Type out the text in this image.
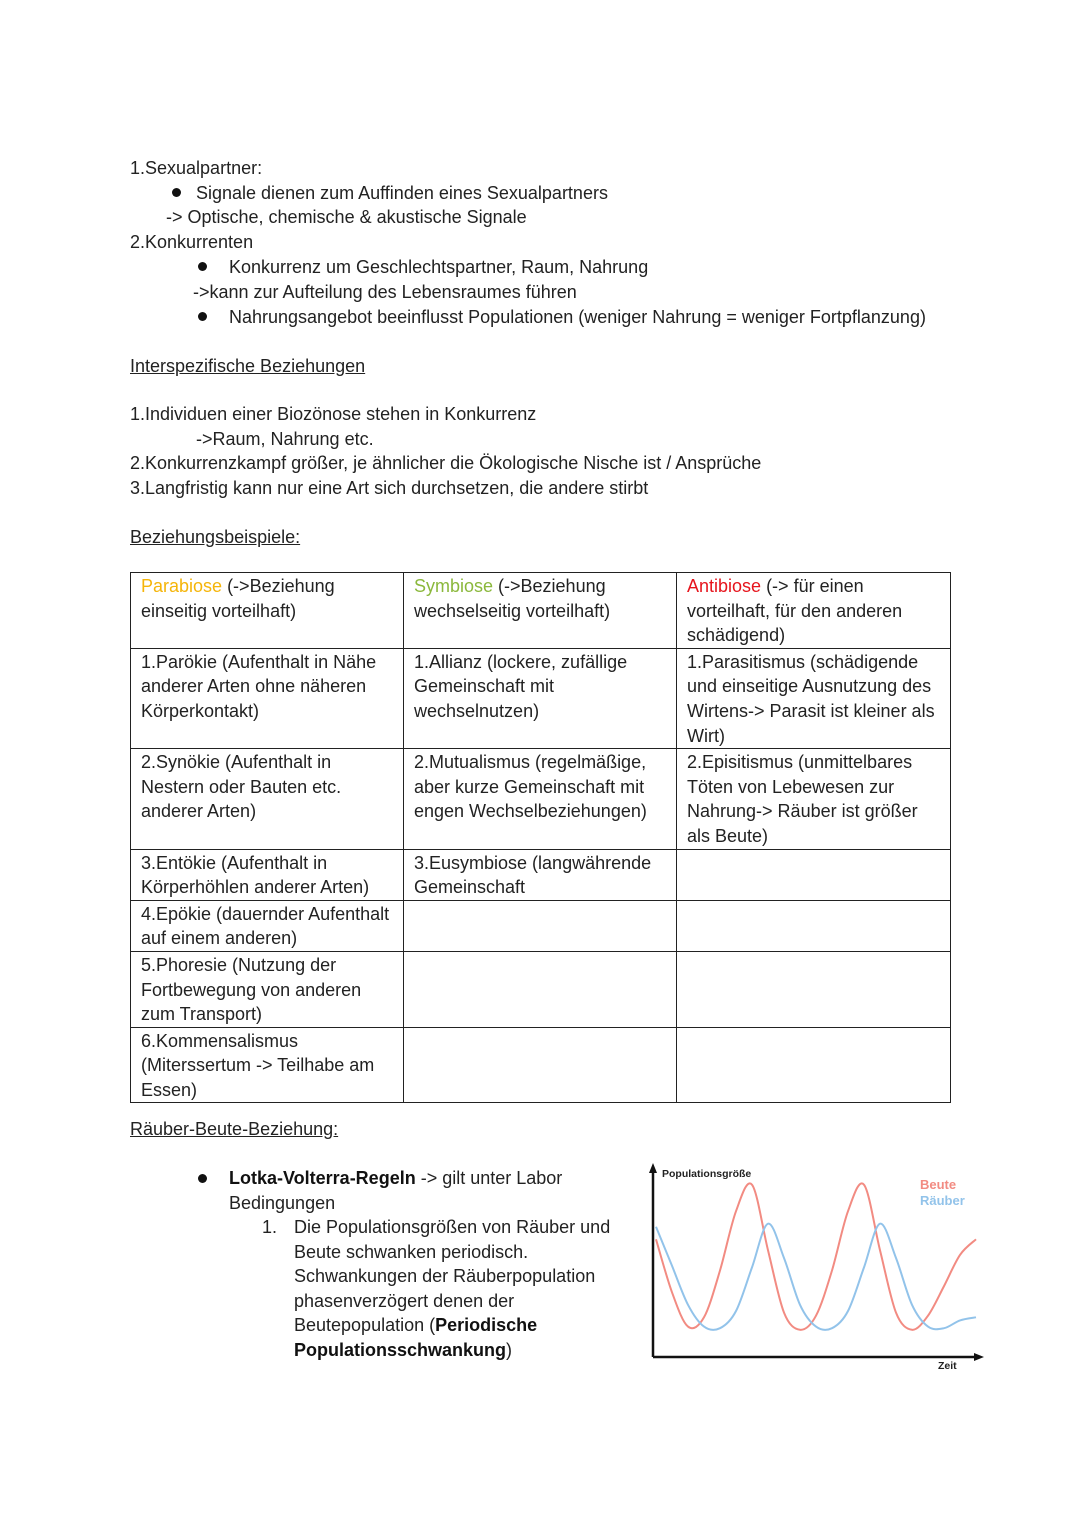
1.Sexualpartner:
Signale dienen zum Auffinden eines Sexualpartners
-> Optische, chemische & akustische Signale
2.Konkurrenten
Konkurrenz um Geschlechtspartner, Raum, Nahrung
->kann zur Aufteilung des Lebensraumes führen
Nahrungsangebot beeinflusst Populationen (weniger Nahrung = weniger Fortpflanzung)
Interspezifische Beziehungen
1.Individuen einer Biozönose stehen in Konkurrenz
->Raum, Nahrung etc.
2.Konkurrenzkampf größer, je ähnlicher die Ökologische Nische ist / Ansprüche
3.Langfristig kann nur eine Art sich durchsetzen, die andere stirbt
Beziehungsbeispiele:
Parabiose (->Beziehung einseitig vorteilhaft)	Symbiose (->Beziehung wechselseitig vorteilhaft)	Antibiose (-> für einen vorteilhaft, für den anderen schädigend)
1.Parökie (Aufenthalt in Nähe anderer Arten ohne näheren Körperkontakt)	1.Allianz (lockere, zufällige Gemeinschaft mit wechselnutzen)	1.Parasitismus (schädigende und einseitige Ausnutzung des Wirtens-> Parasit ist kleiner als Wirt)
2.Synökie (Aufenthalt in Nestern oder Bauten etc. anderer Arten)	2.Mutualismus (regelmäßige, aber kurze Gemeinschaft mit engen Wechselbeziehungen)	2.Episitismus (unmittelbares Töten von Lebewesen zur Nahrung-> Räuber ist größer als Beute)
3.Entökie (Aufenthalt in Körperhöhlen anderer Arten)	3.Eusymbiose (langwährende Gemeinschaft	
4.Epökie (dauernder Aufenthalt auf einem anderen)		
5.Phoresie (Nutzung der Fortbewegung von anderen zum Transport)		
6.Kommensalismus (Miterssertum -> Teilhabe am Essen)		
Räuber-Beute-Beziehung:
Lotka-Volterra-Regeln -> gilt unter Labor
Bedingungen
1. Die Populationsgrößen von Räuber und
Beute schwanken periodisch.
Schwankungen der Räuberpopulation
phasenverzögert denen der
Beutepopulation (Periodische
Populationsschwankung)
Populationsgröße
Zeit
Beute
Räuber
